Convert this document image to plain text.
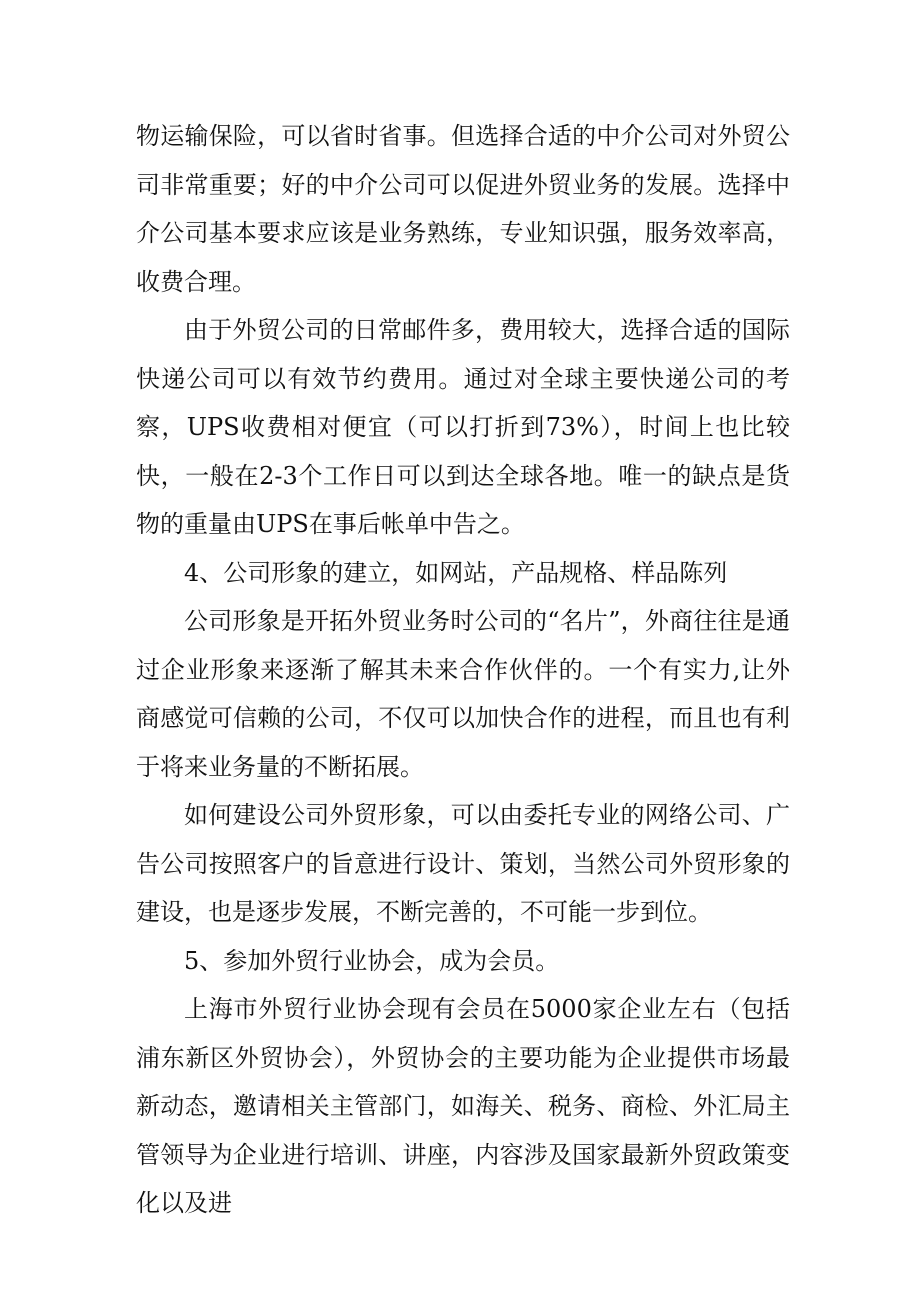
物运输保险，可以省时省事。但选择合适的中介公司对外贸公司非常重要；好的中介公司可以促进外贸业务的发展。选择中介公司基本要求应该是业务熟练，专业知识强，服务效率高，收费合理。

由于外贸公司的日常邮件多，费用较大，选择合适的国际快递公司可以有效节约费用。通过对全球主要快递公司的考察，UPS收费相对便宜（可以打折到73%），时间上也比较快，一般在2-3个工作日可以到达全球各地。唯一的缺点是货物的重量由UPS在事后帐单中告之。

4、公司形象的建立，如网站，产品规格、样品陈列

公司形象是开拓外贸业务时公司的“名片”，外商往往是通过企业形象来逐渐了解其未来合作伙伴的。一个有实力,让外商感觉可信赖的公司，不仅可以加快合作的进程，而且也有利于将来业务量的不断拓展。

如何建设公司外贸形象，可以由委托专业的网络公司、广告公司按照客户的旨意进行设计、策划，当然公司外贸形象的建设，也是逐步发展，不断完善的，不可能一步到位。

5、参加外贸行业协会，成为会员。

上海市外贸行业协会现有会员在5000家企业左右（包括浦东新区外贸协会），外贸协会的主要功能为企业提供市场最新动态，邀请相关主管部门，如海关、税务、商检、外汇局主管领导为企业进行培训、讲座，内容涉及国家最新外贸政策变化以及进
